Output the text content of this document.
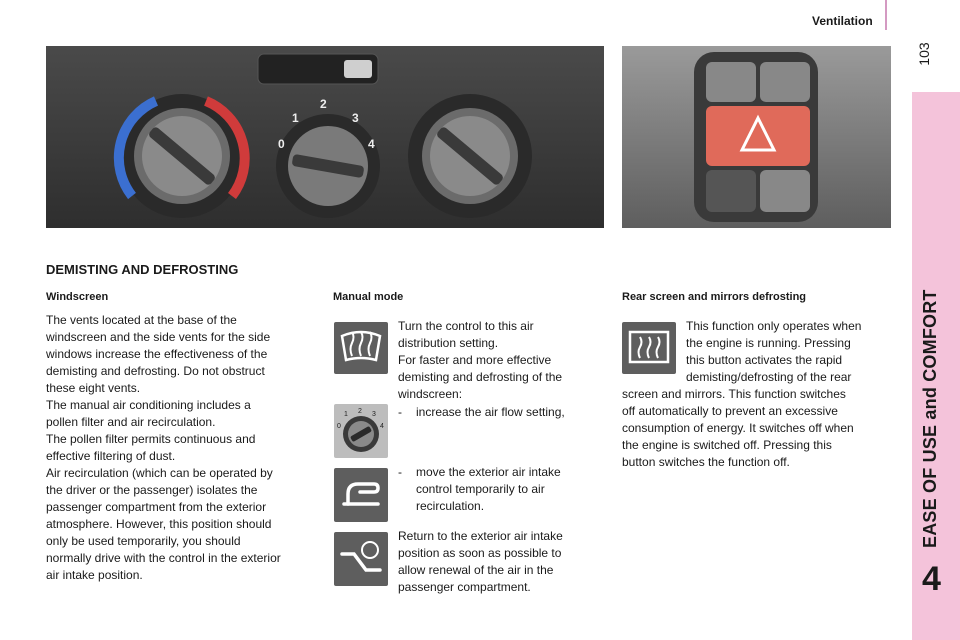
Ventilation
103
EASE OF USE and COMFORT
4
1
2
3
0	4
DEMISTING AND DEFROSTING
Windscreen

The vents located at the base of the

windscreen and the side vents for the side

windows increase the effectiveness of the

demisting and defrosting. Do not obstruct

these eight vents.

The manual air conditioning includes a

pollen filter and air recirculation.

The pollen filter permits continuous and

effective filtering of dust.

Air recirculation (which can be operated by

the driver or the passenger) isolates the

passenger compartment from the exterior

atmosphere. However, this position should

only be used temporarily, you should

normally drive with the control in the exterior

air intake position.

Manual mode

Turn the control to this air

distribution setting.

For faster and more effective

demisting and defrosting of the

windscreen:

1 2 3
0	4
- increase the air flow setting,
- move the exterior air intake

control temporarily to air

recirculation.

Return to the exterior air intake

position as soon as possible to

allow renewal of the air in the

passenger compartment.

Rear screen and mirrors defrosting

This function only operates when

the engine is running. Pressing

this button activates the rapid

demisting/defrosting of the rear

screen and mirrors. This function switches

off automatically to prevent an excessive

consumption of energy. It switches off when

the engine is switched off. Pressing this

button switches the function off.
